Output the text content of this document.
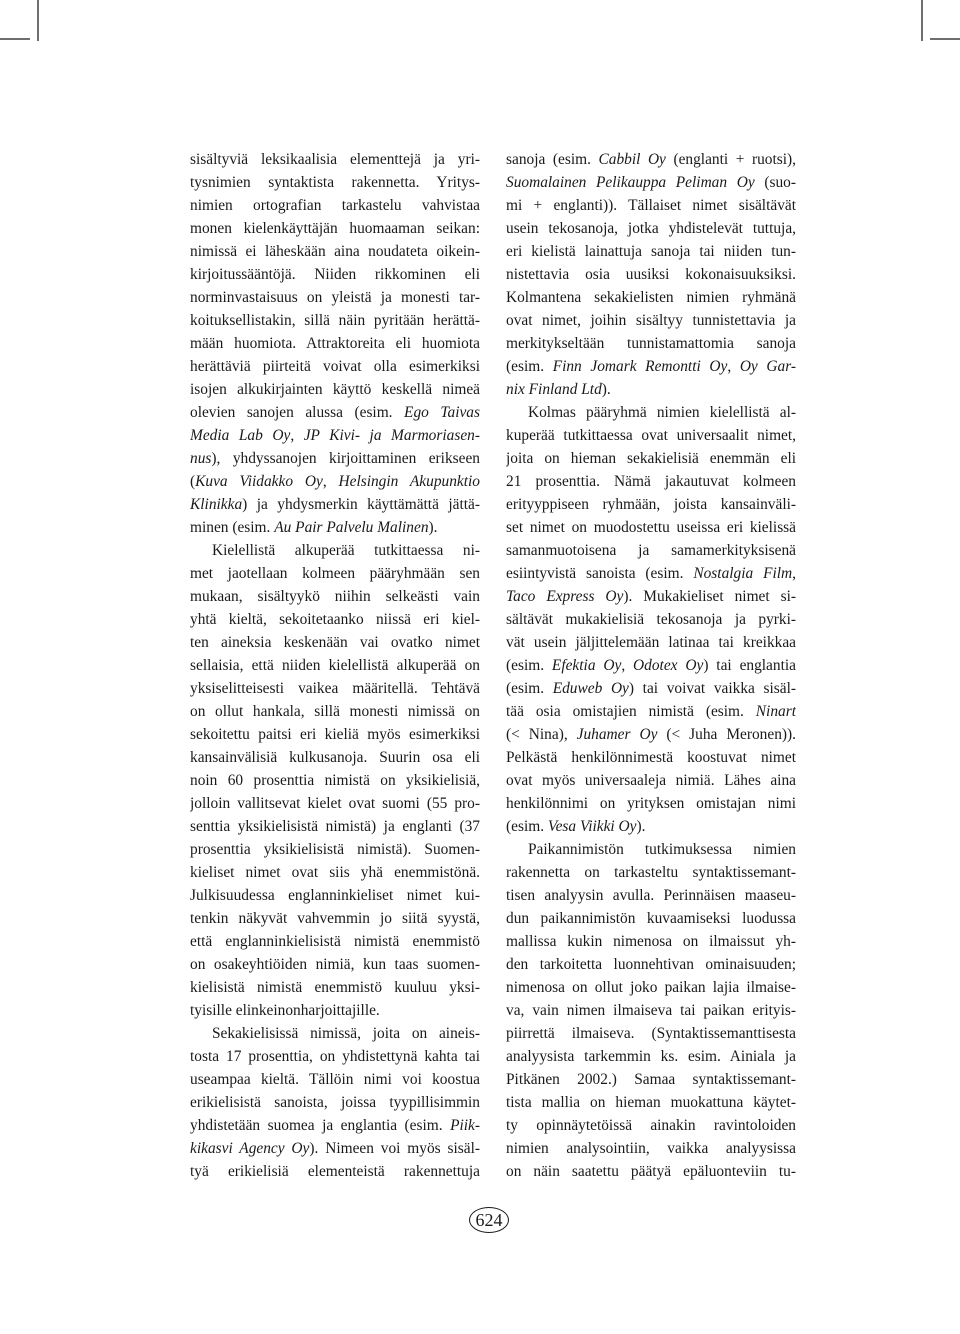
sisältyviä leksikaalisia elementtejä ja yri-
tysnimien syntaktista rakennetta. Yritys-
nimien ortografian tarkastelu vahvistaa
monen kielenkäyttäjän huomaaman seikan:
nimissä ei läheskään aina noudateta oikein-
kirjoitussääntöjä. Niiden rikkominen eli
norminvastaisuus on yleistä ja monesti tar-
koituksellistakin, sillä näin pyritään herättä-
mään huomiota. Attraktoreita eli huomiota
herättäviä piirteitä voivat olla esimerkiksi
isojen alkukirjainten käyttö keskellä nimeä
olevien sanojen alussa (esim. Ego Taivas
Media Lab Oy, JP Kivi- ja Marmoriasen-
nus), yhdyssanojen kirjoittaminen erikseen
(Kuva Viidakko Oy, Helsingin Akupunktio
Klinikka) ja yhdysmerkin käyttämättä jättä-
minen (esim. Au Pair Palvelu Malinen).
Kielellistä alkuperää tutkittaessa ni-
met jaotellaan kolmeen pääryhmään sen
mukaan, sisältyykö niihin selkeästi vain
yhtä kieltä, sekoitetaanko niissä eri kiel-
ten aineksia keskenään vai ovatko nimet
sellaisia, että niiden kielellistä alkuperää on
yksiselitteisesti vaikea määritellä. Tehtävä
on ollut hankala, sillä monesti nimissä on
sekoitettu paitsi eri kieliä myös esimerkiksi
kansainvälisiä kulkusanoja. Suurin osa eli
noin 60 prosenttia nimistä on yksikielisiä,
jolloin vallitsevat kielet ovat suomi (55 pro-
senttia yksikielisistä nimistä) ja englanti (37
prosenttia yksikielisistä nimistä). Suomen-
kieliset nimet ovat siis yhä enemmistönä.
Julkisuudessa englanninkieliset nimet kui-
tenkin näkyvät vahvemmin jo siitä syystä,
että englanninkielisistä nimistä enemmistö
on osakeyhtiöiden nimiä, kun taas suomen-
kielisistä nimistä enemmistö kuuluu yksi-
tyisille elinkeinonharjoittajille.
Sekakielisissä nimissä, joita on aineis-
tosta 17 prosenttia, on yhdistettynä kahta tai
useampaa kieltä. Tällöin nimi voi koostua
erikielisistä sanoista, joissa tyypillisimmin
yhdistetään suomea ja englantia (esim. Piik-
kikasvi Agency Oy). Nimeen voi myös sisäl-
tyä erikielisiä elementeistä rakennettuja
sanoja (esim. Cabbil Oy (englanti + ruotsi),
Suomalainen Pelikauppa Peliman Oy (suo-
mi + englanti)). Tällaiset nimet sisältävät
usein tekosanoja, jotka yhdistelevät tuttuja,
eri kielistä lainattuja sanoja tai niiden tun-
nistettavia osia uusiksi kokonaisuuksiksi.
Kolmantena sekakielisten nimien ryhmänä
ovat nimet, joihin sisältyy tunnistettavia ja
merkitykseltään tunnistamattomia sanoja
(esim. Finn Jomark Remontti Oy, Oy Gar-
nix Finland Ltd).
Kolmas pääryhmä nimien kielellistä al-
kuperää tutkittaessa ovat universaalit nimet,
joita on hieman sekakielisiä enemmän eli
21 prosenttia. Nämä jakautuvat kolmeen
erityyppiseen ryhmään, joista kansainväli-
set nimet on muodostettu useissa eri kielissä
samanmuotoisena ja samamerkityksisenä
esiintyvistä sanoista (esim. Nostalgia Film,
Taco Express Oy). Mukakieliset nimet si-
sältävät mukakielisiä tekosanoja ja pyrki-
vät usein jäljittelemään latinaa tai kreikkaa
(esim. Efektia Oy, Odotex Oy) tai englantia
(esim. Eduweb Oy) tai voivat vaikka sisäl-
tää osia omistajien nimistä (esim. Ninart
(< Nina), Juhamer Oy (< Juha Meronen)).
Pelkästä henkilönnimestä koostuvat nimet
ovat myös universaaleja nimiä. Lähes aina
henkilönnimi on yrityksen omistajan nimi
(esim. Vesa Viikki Oy).
Paikannimistön tutkimuksessa nimien
rakennetta on tarkasteltu syntaktissemant-
tisen analyysin avulla. Perinnäisen maaseu-
dun paikannimistön kuvaamiseksi luodussa
mallissa kukin nimenosa on ilmaissut yh-
den tarkoitetta luonnehtivan ominaisuuden;
nimenosa on ollut joko paikan lajia ilmaise-
va, vain nimen ilmaiseva tai paikan erityis-
piirrettä ilmaiseva. (Syntaktissemanttisesta
analyysista tarkemmin ks. esim. Ainiala ja
Pitkänen 2002.) Samaa syntaktissemant-
tista mallia on hieman muokattuna käytet-
ty opinnäytetöissä ainakin ravintoloiden
nimien analysointiin, vaikka analyysissa
on näin saatettu päätyä epäluonteviin tu-
624
